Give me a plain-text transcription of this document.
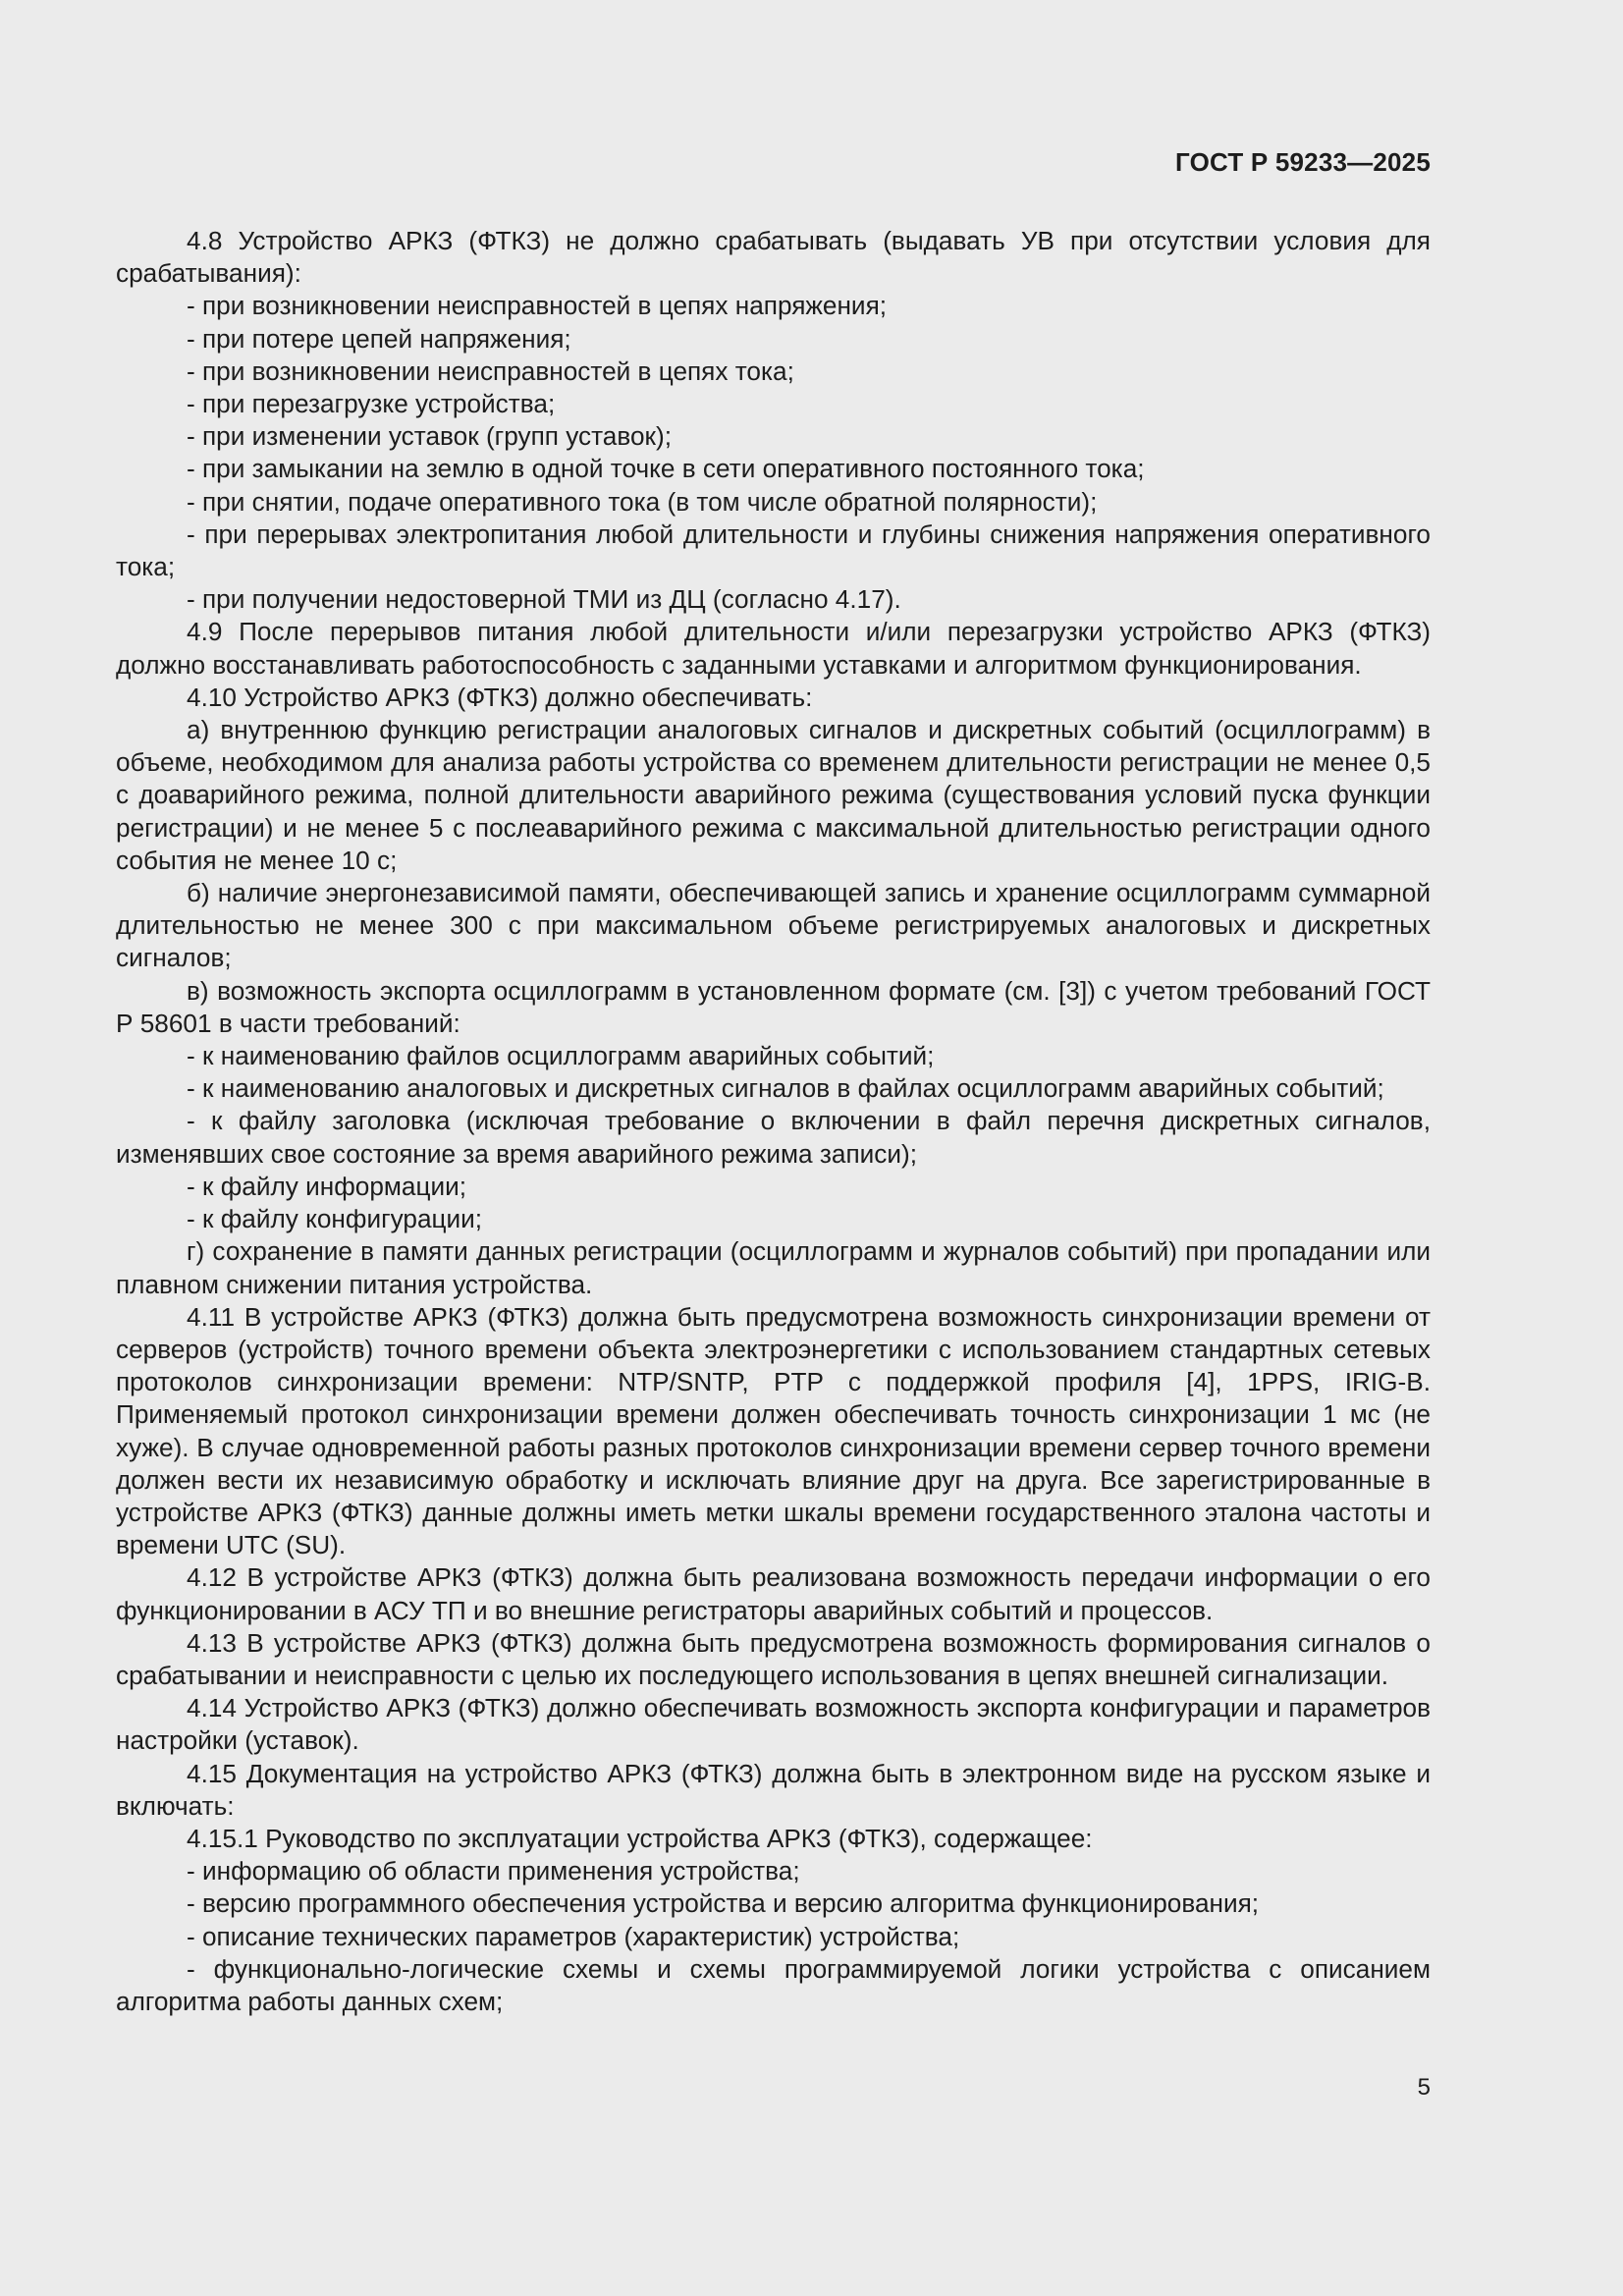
ГОСТ Р 59233—2025

4.8 Устройство АРКЗ (ФТКЗ) не должно срабатывать (выдавать УВ при отсутствии условия для срабатывания):

- при возникновении неисправностей в цепях напряжения;

- при потере цепей напряжения;

- при возникновении неисправностей в цепях тока;

- при перезагрузке устройства;

- при изменении уставок (групп уставок);

- при замыкании на землю в одной точке в сети оперативного постоянного тока;

- при снятии, подаче оперативного тока (в том числе обратной полярности);

- при перерывах электропитания любой длительности и глубины снижения напряжения оперативного тока;

- при получении недостоверной ТМИ из ДЦ (согласно 4.17).

4.9 После перерывов питания любой длительности и/или перезагрузки устройство АРКЗ (ФТКЗ) должно восстанавливать работоспособность с заданными уставками и алгоритмом функционирования.

4.10 Устройство АРКЗ (ФТКЗ) должно обеспечивать:

а) внутреннюю функцию регистрации аналоговых сигналов и дискретных событий (осциллограмм) в объеме, необходимом для анализа работы устройства со временем длительности регистрации не менее 0,5 с доаварийного режима, полной длительности аварийного режима (существования условий пуска функции регистрации) и не менее 5 с послеаварийного режима с максимальной длительностью регистрации одного события не менее 10 с;

б) наличие энергонезависимой памяти, обеспечивающей запись и хранение осциллограмм суммарной длительностью не менее 300 с при максимальном объеме регистрируемых аналоговых и дискретных сигналов;

в) возможность экспорта осциллограмм в установленном формате (см. [3]) с учетом требований ГОСТ Р 58601 в части требований:

- к наименованию файлов осциллограмм аварийных событий;

- к наименованию аналоговых и дискретных сигналов в файлах осциллограмм аварийных событий;

- к файлу заголовка (исключая требование о включении в файл перечня дискретных сигналов, изменявших свое состояние за время аварийного режима записи);

- к файлу информации;

- к файлу конфигурации;

г) сохранение в памяти данных регистрации (осциллограмм и журналов событий) при пропадании или плавном снижении питания устройства.

4.11 В устройстве АРКЗ (ФТКЗ) должна быть предусмотрена возможность синхронизации времени от серверов (устройств) точного времени объекта электроэнергетики с использованием стандартных сетевых протоколов синхронизации времени: NTP/SNTP, PTP с поддержкой профиля [4], 1PPS, IRIG-B. Применяемый протокол синхронизации времени должен обеспечивать точность синхронизации 1 мс (не хуже). В случае одновременной работы разных протоколов синхронизации времени сервер точного времени должен вести их независимую обработку и исключать влияние друг на друга. Все зарегистрированные в устройстве АРКЗ (ФТКЗ) данные должны иметь метки шкалы времени государственного эталона частоты и времени UTC (SU).

4.12 В устройстве АРКЗ (ФТКЗ) должна быть реализована возможность передачи информации о его функционировании в АСУ ТП и во внешние регистраторы аварийных событий и процессов.

4.13 В устройстве АРКЗ (ФТКЗ) должна быть предусмотрена возможность формирования сигналов о срабатывании и неисправности с целью их последующего использования в цепях внешней сигнализации.

4.14 Устройство АРКЗ (ФТКЗ) должно обеспечивать возможность экспорта конфигурации и параметров настройки (уставок).

4.15 Документация на устройство АРКЗ (ФТКЗ) должна быть в электронном виде на русском языке и включать:

4.15.1 Руководство по эксплуатации устройства АРКЗ (ФТКЗ), содержащее:

- информацию об области применения устройства;

- версию программного обеспечения устройства и версию алгоритма функционирования;

- описание технических параметров (характеристик) устройства;

- функционально-логические схемы и схемы программируемой логики устройства с описанием алгоритма работы данных схем;

5
